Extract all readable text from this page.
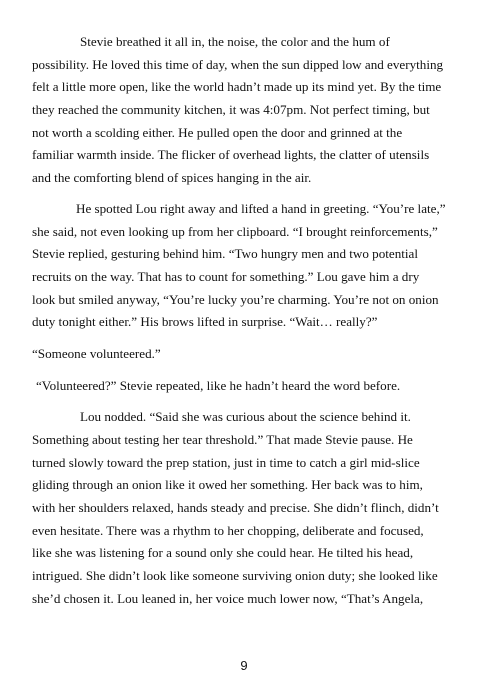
Stevie breathed it all in, the noise, the color and the hum of
possibility. He loved this time of day, when the sun dipped low and everything
felt a little more open, like the world hadn’t made up its mind yet. By the time
they reached the community kitchen, it was 4:07pm. Not perfect timing, but
not worth a scolding either. He pulled open the door and grinned at the
familiar warmth inside. The flicker of overhead lights, the clatter of utensils
and the comforting blend of spices hanging in the air.

He spotted Lou right away and lifted a hand in greeting. “You’re late,”
she said, not even looking up from her clipboard. “I brought reinforcements,”
Stevie replied, gesturing behind him. “Two hungry men and two potential
recruits on the way. That has to count for something.” Lou gave him a dry
look but smiled anyway, “You’re lucky you’re charming. You’re not on onion
duty tonight either.” His brows lifted in surprise. “Wait… really?”

“Someone volunteered.”

“Volunteered?” Stevie repeated, like he hadn’t heard the word before.

Lou nodded. “Said she was curious about the science behind it.
Something about testing her tear threshold.” That made Stevie pause. He
turned slowly toward the prep station, just in time to catch a girl mid-slice
gliding through an onion like it owed her something. Her back was to him,
with her shoulders relaxed, hands steady and precise. She didn’t flinch, didn’t
even hesitate. There was a rhythm to her chopping, deliberate and focused,
like she was listening for a sound only she could hear. He tilted his head,
intrigued. She didn’t look like someone surviving onion duty; she looked like
she’d chosen it. Lou leaned in, her voice much lower now, “That’s Angela,

9
